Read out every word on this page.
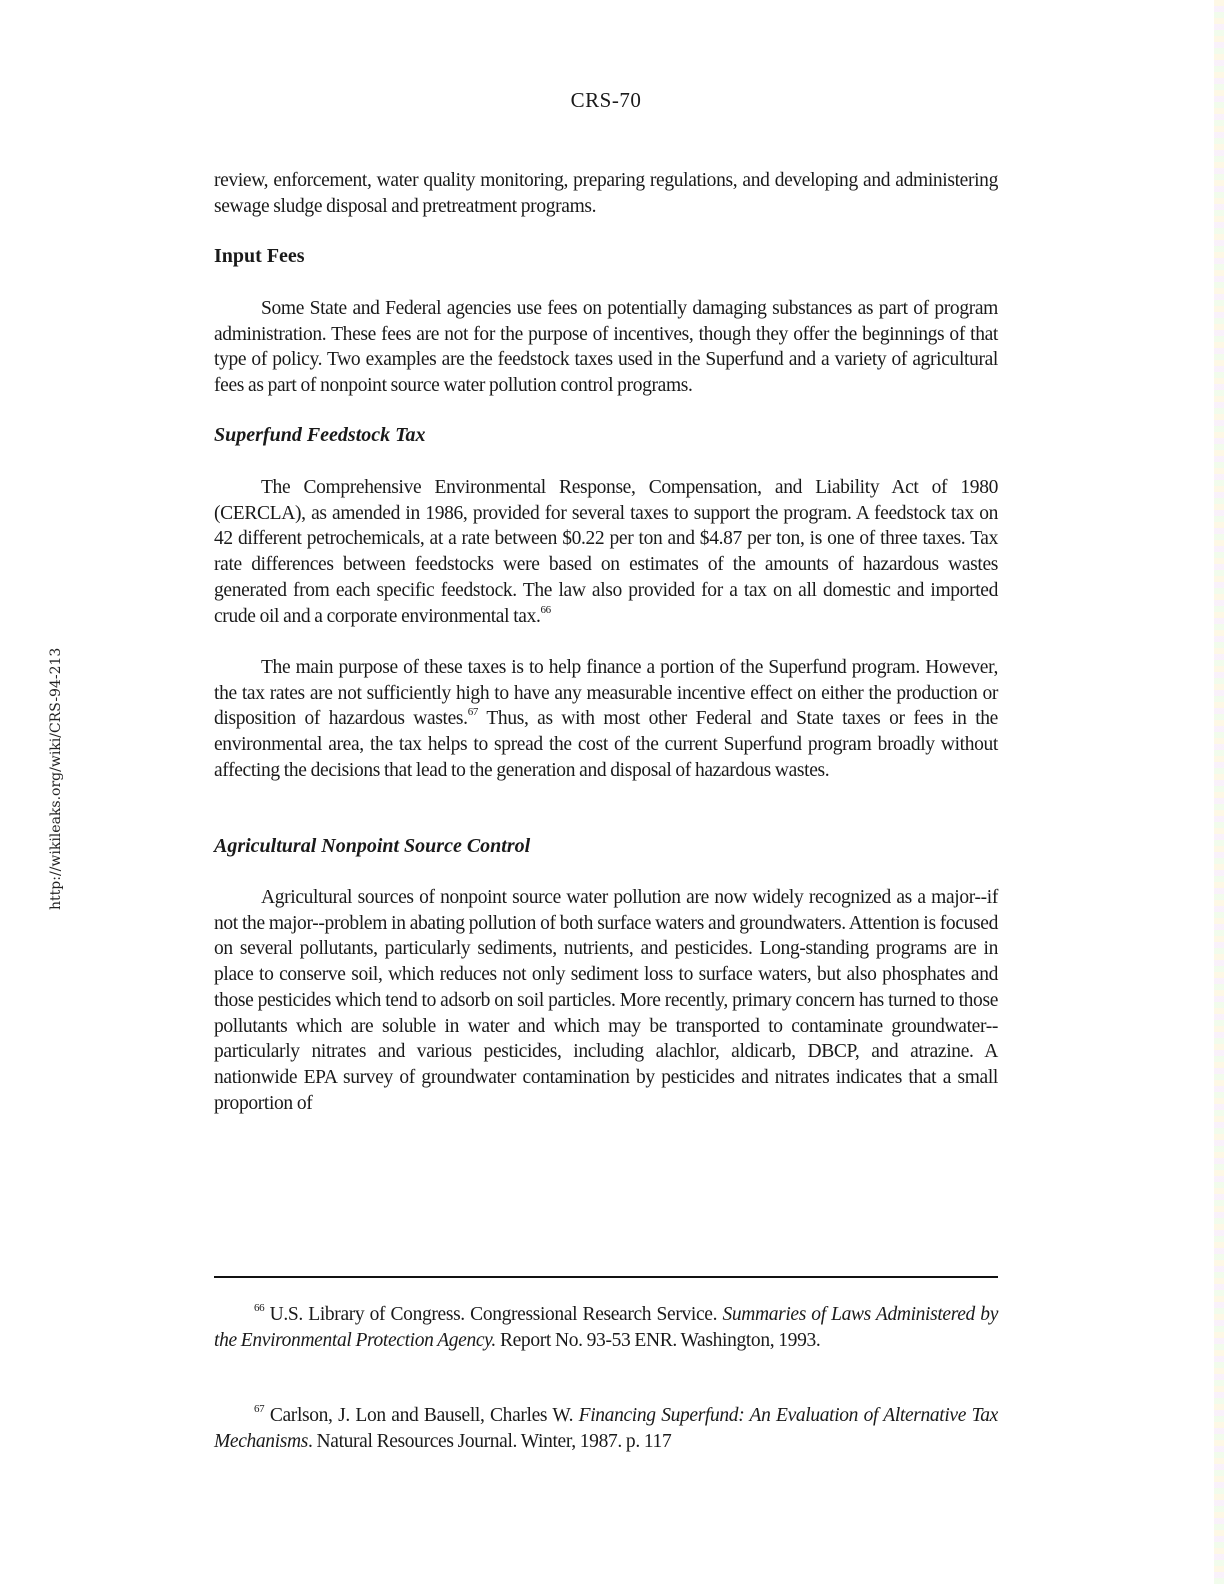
CRS-70
http://wikileaks.org/wiki/CRS-94-213

review, enforcement, water quality monitoring, preparing regulations, and developing and administering sewage sludge disposal and pretreatment programs.

Input Fees

Some State and Federal agencies use fees on potentially damaging substances as part of program administration. These fees are not for the purpose of incentives, though they offer the beginnings of that type of policy. Two examples are the feedstock taxes used in the Superfund and a variety of agricultural fees as part of nonpoint source water pollution control programs.

Superfund Feedstock Tax

The Comprehensive Environmental Response, Compensation, and Liability Act of 1980 (CERCLA), as amended in 1986, provided for several taxes to support the program. A feedstock tax on 42 different petrochemicals, at a rate between $0.22 per ton and $4.87 per ton, is one of three taxes. Tax rate differences between feedstocks were based on estimates of the amounts of hazardous wastes generated from each specific feedstock. The law also provided for a tax on all domestic and imported crude oil and a corporate environmental tax.$^{66}$

The main purpose of these taxes is to help finance a portion of the Superfund program. However, the tax rates are not sufficiently high to have any measurable incentive effect on either the production or disposition of hazardous wastes.$^{67}$ Thus, as with most other Federal and State taxes or fees in the environmental area, the tax helps to spread the cost of the current Superfund program broadly without affecting the decisions that lead to the generation and disposal of hazardous wastes.

Agricultural Nonpoint Source Control

Agricultural sources of nonpoint source water pollution are now widely recognized as a major--if not the major--problem in abating pollution of both surface waters and groundwaters. Attention is focused on several pollutants, particularly sediments, nutrients, and pesticides. Long-standing programs are in place to conserve soil, which reduces not only sediment loss to surface waters, but also phosphates and those pesticides which tend to adsorb on soil particles. More recently, primary concern has turned to those pollutants which are soluble in water and which may be transported to contaminate groundwater--particularly nitrates and various pesticides, including alachlor, aldicarb, DBCP, and atrazine. A nationwide EPA survey of groundwater contamination by pesticides and nitrates indicates that a small proportion of

$^{66}$ U.S. Library of Congress. Congressional Research Service. Summaries of Laws Administered by the Environmental Protection Agency. Report No. 93-53 ENR. Washington, 1993.

$^{67}$ Carlson, J. Lon and Bausell, Charles W. Financing Superfund: An Evaluation of Alternative Tax Mechanisms. Natural Resources Journal. Winter, 1987. p. 117
